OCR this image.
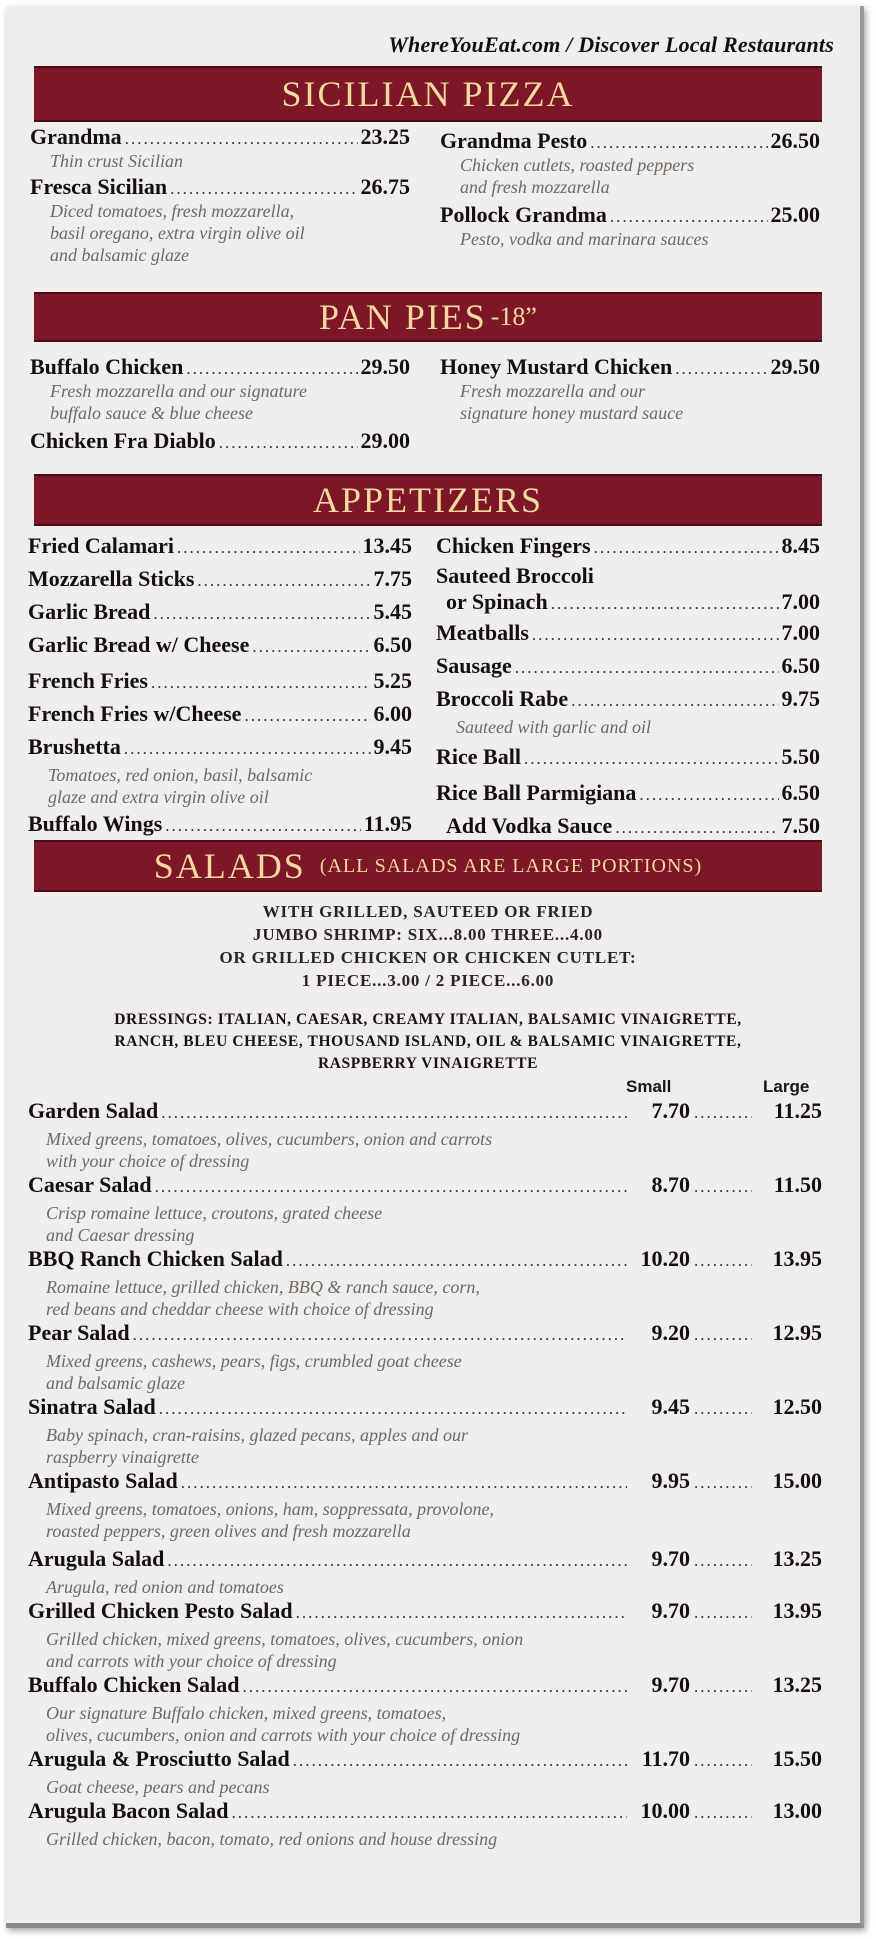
WhereYouEat.com / Discover Local Restaurants
SICILIAN PIZZA
Grandma .....	23.25
Thin crust Sicilian
Fresca Sicilian .....	26.75
Diced tomatoes, fresh mozzarella,
basil oregano, extra virgin olive oil
and balsamic glaze
Grandma Pesto .....	26.50
Chicken cutlets, roasted peppers
and fresh mozzarella
Pollock Grandma .....	25.00
Pesto, vodka and marinara sauces
PAN PIES -18”
Buffalo Chicken .....	29.50
Fresh mozzarella and our signature
buffalo sauce & blue cheese
Chicken Fra Diablo .....	29.00
Honey Mustard Chicken .....	29.50
Fresh mozzarella and our
signature honey mustard sauce
APPETIZERS
Fried Calamari .....	13.45
Mozzarella Sticks .....	7.75
Garlic Bread .....	5.45
Garlic Bread w/ Cheese .....	6.50
French Fries .....	5.25
French Fries w/Cheese .....	6.00
Brushetta .....	9.45
Tomatoes, red onion, basil, balsamic
glaze and extra virgin olive oil
Buffalo Wings .....	11.95
Chicken Fingers .....	8.45
Sauteed Broccoli
or Spinach .....	7.00
Meatballs .....	7.00
Sausage .....	6.50
Broccoli Rabe .....	9.75
Sauteed with garlic and oil
Rice Ball .....	5.50
Rice Ball Parmigiana .....	6.50
Add Vodka Sauce .....	7.50
SALADS (ALL SALADS ARE LARGE PORTIONS)
WITH GRILLED, SAUTEED OR FRIED
JUMBO SHRIMP: SIX...8.00 THREE...4.00
OR GRILLED CHICKEN OR CHICKEN CUTLET:
1 PIECE...3.00 / 2 PIECE...6.00
DRESSINGS: ITALIAN, CAESAR, CREAMY ITALIAN, BALSAMIC VINAIGRETTE,
RANCH, BLEU CHEESE, THOUSAND ISLAND, OIL & BALSAMIC VINAIGRETTE,
RASPBERRY VINAIGRETTE
Small	Large
Garden Salad .....	7.70 .....	11.25
Mixed greens, tomatoes, olives, cucumbers, onion and carrots
with your choice of dressing
Caesar Salad .....	8.70 .....	11.50
Crisp romaine lettuce, croutons, grated cheese
and Caesar dressing
BBQ Ranch Chicken Salad .....	10.20 .....	13.95
Romaine lettuce, grilled chicken, BBQ & ranch sauce, corn,
red beans and cheddar cheese with choice of dressing
Pear Salad .....	9.20 .....	12.95
Mixed greens, cashews, pears, figs, crumbled goat cheese
and balsamic glaze
Sinatra Salad .....	9.45 .....	12.50
Baby spinach, cran-raisins, glazed pecans, apples and our
raspberry vinaigrette
Antipasto Salad .....	9.95 .....	15.00
Mixed greens, tomatoes, onions, ham, soppressata, provolone,
roasted peppers, green olives and fresh mozzarella
Arugula Salad .....	9.70 .....	13.25
Arugula, red onion and tomatoes
Grilled Chicken Pesto Salad .....	9.70 .....	13.95
Grilled chicken, mixed greens, tomatoes, olives, cucumbers, onion
and carrots with your choice of dressing
Buffalo Chicken Salad .....	9.70 .....	13.25
Our signature Buffalo chicken, mixed greens, tomatoes,
olives, cucumbers, onion and carrots with your choice of dressing
Arugula & Prosciutto Salad .....	11.70 .....	15.50
Goat cheese, pears and pecans
Arugula Bacon Salad .....	10.00 .....	13.00
Grilled chicken, bacon, tomato, red onions and house dressing
